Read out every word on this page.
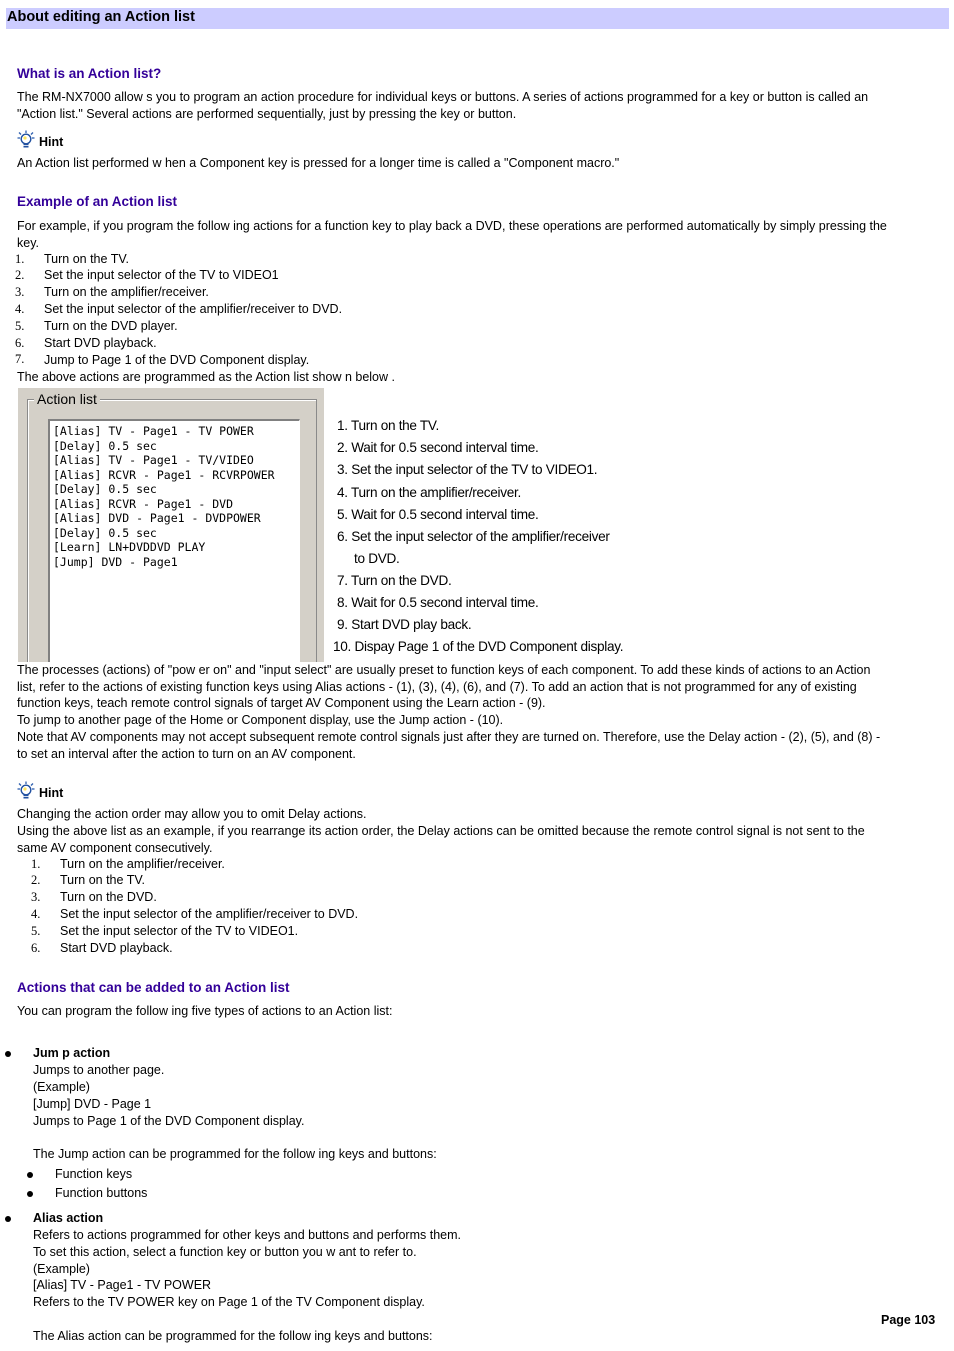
About editing an Action list
What is an Action list?
The RM-NX7000 allow s you to program an action procedure for individual keys or buttons. A series of actions programmed for a key or button is called an
"Action list." Several actions are performed sequentially, just by pressing the key or button.
Hint
An Action list performed w hen a Component key is pressed for a longer time is called a "Component macro."
Example of an Action list
For example, if you program the follow ing actions for a function key to play back a DVD, these operations are performed automatically by simply pressing the
key.
1. Turn on the TV.
2. Set the input selector of the TV to VIDEO1
3. Turn on the amplifier/receiver.
4. Set the input selector of the amplifier/receiver to DVD.
5. Turn on the DVD player.
6. Start DVD playback.
7. Jump to Page 1 of the DVD Component display.
The above actions are programmed as the Action list show n below .
Action list
[Alias] TV - Page1 - TV POWER
[Delay] 0.5 sec
[Alias] TV - Page1 - TV/VIDEO
[Alias] RCVR - Page1 - RCVRPOWER
[Delay] 0.5 sec
[Alias] RCVR - Page1 - DVD
[Alias] DVD - Page1 - DVDPOWER
[Delay] 0.5 sec
[Learn] LN+DVDDVD PLAY
[Jump] DVD - Page1
1. Turn on the TV.
2. Wait for 0.5 second interval time.
3. Set the input selector of the TV to VIDEO1.
4. Turn on the amplifier/receiver.
5. Wait for 0.5 second interval time.
6. Set the input selector of the amplifier/receiver
to DVD.
7. Turn on the DVD.
8. Wait for 0.5 second interval time.
9. Start DVD play back.
10. Dispay Page 1 of the DVD Component display.
The processes (actions) of "pow er on" and "input select" are usually preset to function keys of each component. To add these kinds of actions to an Action
list, refer to the actions of existing function keys using Alias actions - (1), (3), (4), (6), and (7). To add an action that is not programmed for any of existing
function keys, teach remote control signals of target AV Component using the Learn action - (9).
To jump to another page of the Home or Component display, use the Jump action - (10).
Note that AV components may not accept subsequent remote control signals just after they are turned on. Therefore, use the Delay action - (2), (5), and (8) -
to set an interval after the action to turn on an AV component.
Hint
Changing the action order may allow you to omit Delay actions.
Using the above list as an example, if you rearrange its action order, the Delay actions can be omitted because the remote control signal is not sent to the
same AV component consecutively.
1. Turn on the amplifier/receiver.
2. Turn on the TV.
3. Turn on the DVD.
4. Set the input selector of the amplifier/receiver to DVD.
5. Set the input selector of the TV to VIDEO1.
6. Start DVD playback.
Actions that can be added to an Action list
You can program the follow ing five types of actions to an Action list:
Jum p action
Jumps to another page.
(Example)
[Jump] DVD - Page 1
Jumps to Page 1 of the DVD Component display.
The Jump action can be programmed for the follow ing keys and buttons:
Function keys
Function buttons
Alias action
Refers to actions programmed for other keys and buttons and performs them.
To set this action, select a function key or button you w ant to refer to.
(Example)
[Alias] TV - Page1 - TV POWER
Refers to the TV POWER key on Page 1 of the TV Component display.
The Alias action can be programmed for the follow ing keys and buttons:
Page 103
